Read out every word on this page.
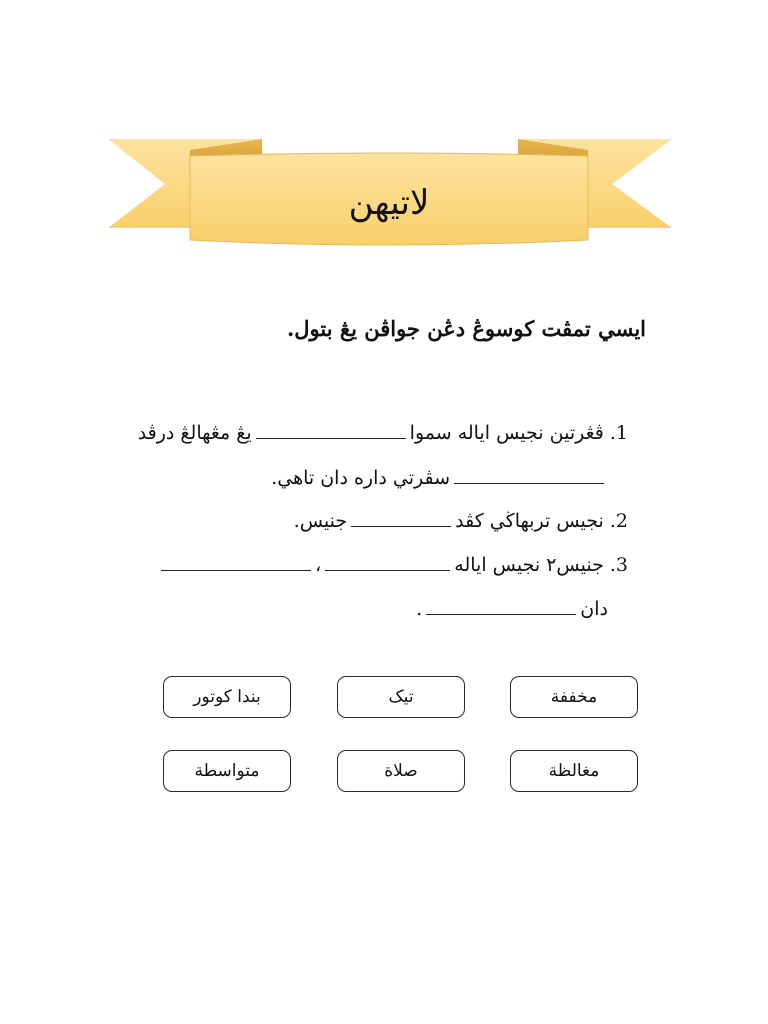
لاتيهن
ايسي تمڤت كوسوڠ دڠن جواڤن يڠ بتول.
1.ڤڠرتين نجيس اياله سموايڠ مڠهالڠ درڤد
سڤرتي داره دان تاهي.
2.نجيس تربهاڬي كڤدجنيس.
3.جنيس٢ نجيس اياله،
دان.
مخففة
تيک
بندا كوتور
مغالظة
صلاة
متواسطة
